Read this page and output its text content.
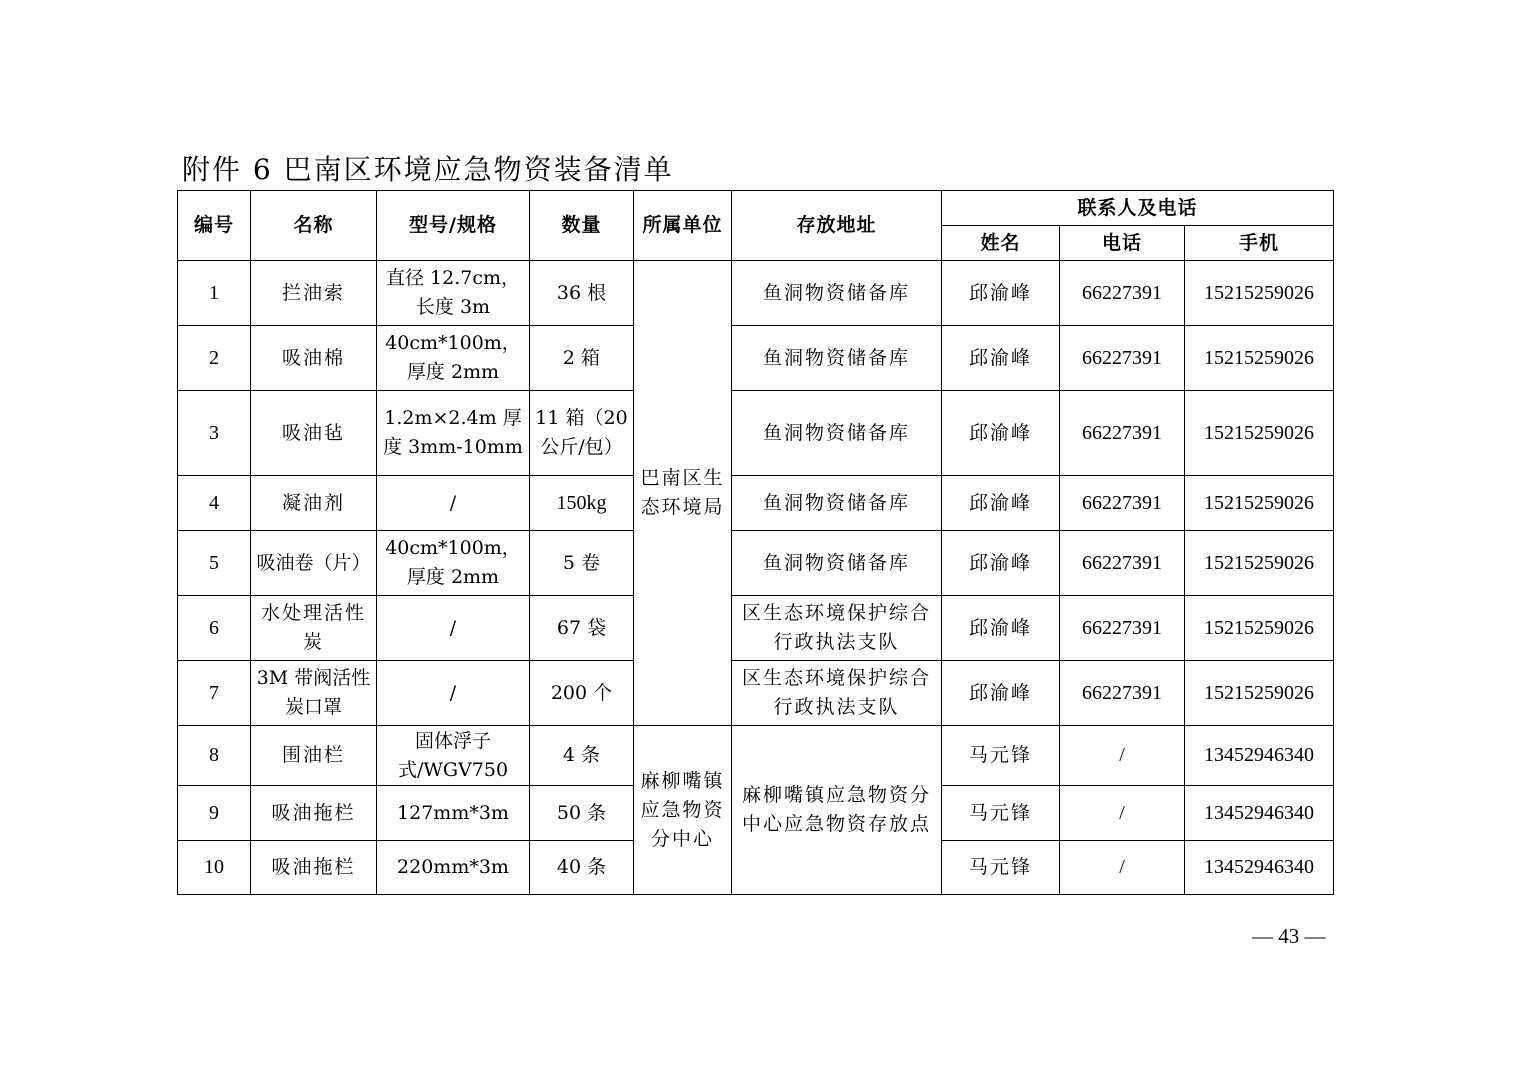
附件 6 巴南区环境应急物资装备清单
编号	名称	型号/规格	数量	所属单位	存放地址	联系人及电话		
						姓名	电话	手机
1	拦油索	直径 12.7cm，长度 3m	36 根	巴南区生态环境局	鱼洞物资储备库	邱渝峰	66227391	15215259026
2	吸油棉	40cm*100m，厚度 2mm	2 箱		鱼洞物资储备库	邱渝峰	66227391	15215259026
3	吸油毡	1.2m×2.4m 厚度 3mm-10mm	11 箱（20 公斤/包）		鱼洞物资储备库	邱渝峰	66227391	15215259026
4	凝油剂	/	150kg		鱼洞物资储备库	邱渝峰	66227391	15215259026
5	吸油卷（片）	40cm*100m，厚度 2mm	5 卷		鱼洞物资储备库	邱渝峰	66227391	15215259026
6	水处理活性炭	/	67 袋		区生态环境保护综合行政执法支队	邱渝峰	66227391	15215259026
7	3M 带阀活性炭口罩	/	200 个		区生态环境保护综合行政执法支队	邱渝峰	66227391	15215259026
8	围油栏	固体浮子式/WGV750	4 条	麻柳嘴镇应急物资分中心	麻柳嘴镇应急物资分中心应急物资存放点	马元锋	/	13452946340
9	吸油拖栏	127mm*3m	50 条			马元锋	/	13452946340
10	吸油拖栏	220mm*3m	40 条			马元锋	/	13452946340
— 43 —
